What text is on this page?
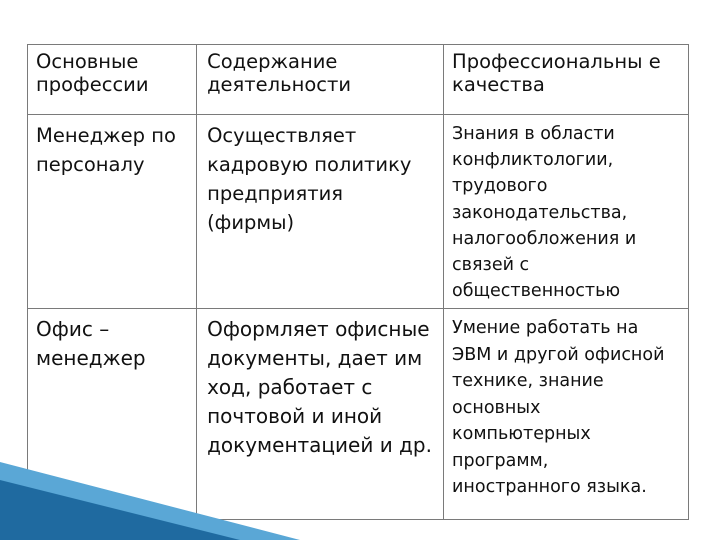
Основные профессии	Содержание деятельности	Профессиональны е качества
Менеджер по персоналу	Осуществляет кадровую политику предприятия (фирмы)	Знания в области конфликтологии, трудового законодательства, налогообложения и связей с общественностью
Офис – менеджер	Оформляет офисные документы, дает им ход, работает с почтовой и иной документацией и др.	Умение работать на ЭВМ и другой офисной технике, знание основных компьютерных программ, иностранного языка.
